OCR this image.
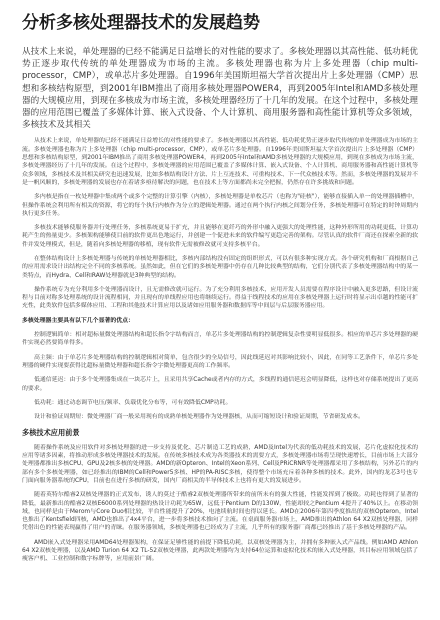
分析多核处理器技术的发展趋势
从技术上来说，单处理器的已经不能满足日益增长的对性能的要求了。多核处理器以其高性能、低功耗优势正逐步取代传统的单处理器成为市场的主流。多核处理器也称为片上多处理器（chip multi-processor，CMP），或单芯片多处理器。自1996年美国斯坦福大学首次提出片上多处理器（CMP）思想和多核结构原型，到2001年IBM推出了商用多核处理器POWER4，再到2005年Intel和AMD多核处理器的大规模应用，到现在多核成为市场主流，多核处理器经历了十几年的发展。在这个过程中，多核处理器的应用范围已覆盖了多媒体计算、嵌入式设备、个人计算机、商用服务器和高性能计算机等众多领域，多核技术及其相关

从技术上来说，单处理器的已经不能满足日益增长的对性能的要求了。多核处理器以其高性能、低功耗优势正逐步取代传统的单处理器成为市场的主流。多核处理器也称为片上多处理器（chip multi-processor，CMP），或单芯片多处理器。自1996年美国斯坦福大学首次提出片上多处理器（CMP）思想和多核结构原型，到2001年IBM推出了商用多核处理器POWER4，再到2005年Intel和AMD多核处理器的大规模应用，到现在多核成为市场主流，多核处理器经历了十几年的发展。在这个过程中，多核处理器的应用范围已覆盖了多媒体计算、嵌入式设备、个人计算机、商用服务器和高性能计算机等众多领域，多核技术及其相关研究也迅速发展，比如多核结构设计方法、片上互连技术、可重构技术、下一代众核技术等。然而，多核处理器的发展并不是一帆风顺的，多核处理器的发展也存在着诸多亟待解决的问题，也在技术上等方面都尚未完全把握，仍然存在许多挑战和问题。

多内核是指在一枚处理器中集成两个或多个完整的计算引擎（内核），多核处理器是单枚芯片（也称为"硅核"），能够直接插入单一的处理器插槽中，但操作系统会利用所有相关的资源，将它的每个执行内核作为分立的逻辑处理器。通过在两个执行内核之间划分任务，多核处理器可在特定的时钟周期内执行更多任务。

多核技术能够使服务器并行处理任务，多核系统更易于扩充，并且能够在更纤巧的外形中融入更强大的处理性能，这种外形所用的功耗更低、计算功耗产生的热量更少。多核架构能够使目前的软件更出色地运行，并创建一个促进未来的软件编写更趋完善的架构。尽管认真的软件厂商还在探索全新的软件并发处理模式，但是，随着向多核处理器的移植，现有软件无需被修改就可支持多核平台。

在整体结构设计上多核处理器与传统的单核处理器相比，多核内部结构没有固定的组织形式，可以有很多种实现方式。各个研究机构和厂商根据自己的应用需求设计出结构完全不同的多核系统。虽然如此，但在它们的多核处理器中仍存在几种比较典型的结构，它们分别代表了多核处理器结构中的某一类特点，而Hydra、Cell和RAW处理器就是3种典型的结构。

操作系统专为充分利用多个处理器而设计，且无需修改就可运行。为了充分利用多核技术，应用开发人员需要在程序设计中融入更多思路，但设计流程与目前对称多处理系统的设计流程相同，并且现有的单线程应用也将继续运行。得益于线程技术的应用在多核处理器上运行时将显示出卓越的性能可扩充性，此类软件包括多媒体应用、工程和其他技术计算应用以及诸如应用服务器和数据库等中间层与后层服务器应用。

多核处理器主要具有以下几个显著的优点：

控制逻辑简单：相对超标量微处理器结构和超长指令字结构而言，单芯片多处理器结构的控制逻辑复杂性要明显低很多。相应的单芯片多处理器的硬件实现必然要简单得多。

高主频：由于单芯片多处理器结构的控制逻辑相对简单，包含很少的全局信号，因此线延迟对其影响比较小，因此，在同等工艺条件下，单芯片多处理器的硬件实现要获得比超标量微处理器和超长指令字微处理器更高的工作频率。

低通信延迟：由于多个处理器集成在一块芯片上，且采用共享Cache或者内存的方式，多线程的通信延迟会明显降低，这样也对存储系统提出了更高的要求。

低功耗：通过动态调节电压/频率、负载优化分布等，可有效降低CMP功耗。

设计和验证周期短：微处理器厂商一般采用现有的成熟单核处理器作为处理器核，从而可缩短设计和验证周期，节省研发成本。

多核技术应用前景

随着操作系统及应用软件对多核处理器的进一步支持及优化、芯片制造工艺的成熟，AMD及Intel为代表的低功耗技术的发展，芯片化虚拟化技术的应用等诸多因素，将推动形成多核处理器技术的发展。在传统多核技术成为各类器技术的需要方式，多核处理器市场将呈现快速增长，目前市场上大部分处理器都推出多核CPU、GPU及2核多核的处理器。AMD的新Opteron、Intel的Xeon系列、Cell及PRiCRNR等处理器都采用了多核结构，另外芯片的内部有多个多核处理器，如已经推出的IBM的Cell和Power5多核、HP的PA-RISC多核，使得整个市场充斥着各种多核的技术。此外，国内的龙芯3号也专门面向服务器系统的CPU，目前也在进行多核的研发，国内厂商相关的半导体技术上也将有更大的发展进步。

随着英特尔酷睿2双核处理器的正式发布，诱人的莫过于酷睿2双核处理器所带来的前所未有的强大性能，性能发挥到了极致。功耗也得到了显著的降低，最新推出的酷睿2双核E6000系列处理器的热设计功耗为65W，远低于Pentium D的130W，性能却较之Pentium 4提升了40%以上。在移动领域，也同样是由于Merom与Core Duo相比较，平台性能提升了20%，电池续航时间也得以延长。AMD在2006年第四季度推出的双核Opteron，Intel也推出了Kentsfield四核，AMD也推出了4x4平台，进一步将多核技术推向了主流。在桌面服务器市场上，AMD推出的Athlon 64 X2双核处理器，同样凭借出色的性能表现赢得了用户的青睐。在服务器领域，多核处理器也已经成为了主流，几乎所有的服务器厂商都已经推出了基于多核处理器的产品。

AMD嵌入式处理器采用AMD64处理器架构，在保证足够性能的前提下降低功耗，以双核处理器为主，并拥有多种嵌入式产品线。例如AMD Athlon 64 X2双核处理器，以及AMD Turion 64 X2 TL-52双核处理器，此两款处理器均为支持64位运算和虚拟化技术的嵌入式处理器，其目标应用领域包括了瘦客户机、工业控制和数字标牌等，应用前景广阔。
